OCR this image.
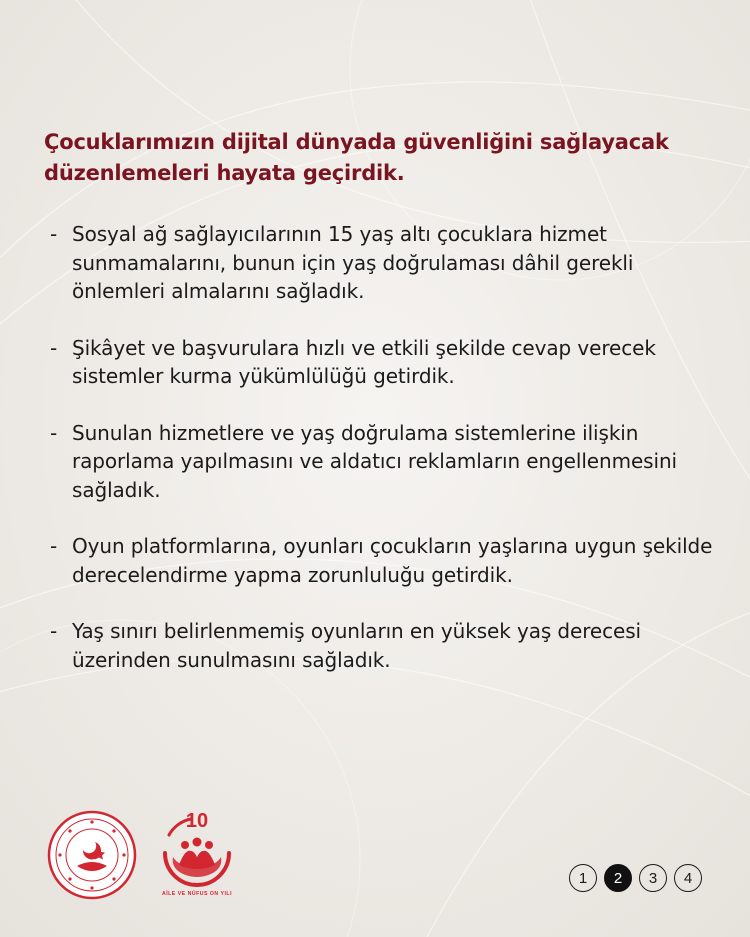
Çocuklarımızın dijital dünyada güvenliğini sağlayacak
düzenlemeleri hayata geçirdik.
- Sosyal ağ sağlayıcılarının 15 yaş altı çocuklara hizmet sunmamalarını, bunun için yaş doğrulaması dâhil gerekli önlemleri almalarını sağladık.
- Şikâyet ve başvurulara hızlı ve etkili şekilde cevap verecek sistemler kurma yükümlülüğü getirdik.
- Sunulan hizmetlere ve yaş doğrulama sistemlerine ilişkin raporlama yapılmasını ve aldatıcı reklamların engellenmesini sağladık.
- Oyun platformlarına, oyunları çocukların yaşlarına uygun şekilde derecelendirme yapma zorunluluğu getirdik.
- Yaş sınırı belirlenmemiş oyunların en yüksek yaş derecesi üzerinden sunulmasını sağladık.
10
2014 - 2024
AİLE VE NÜFUS ON YILI
1	2	3	4
